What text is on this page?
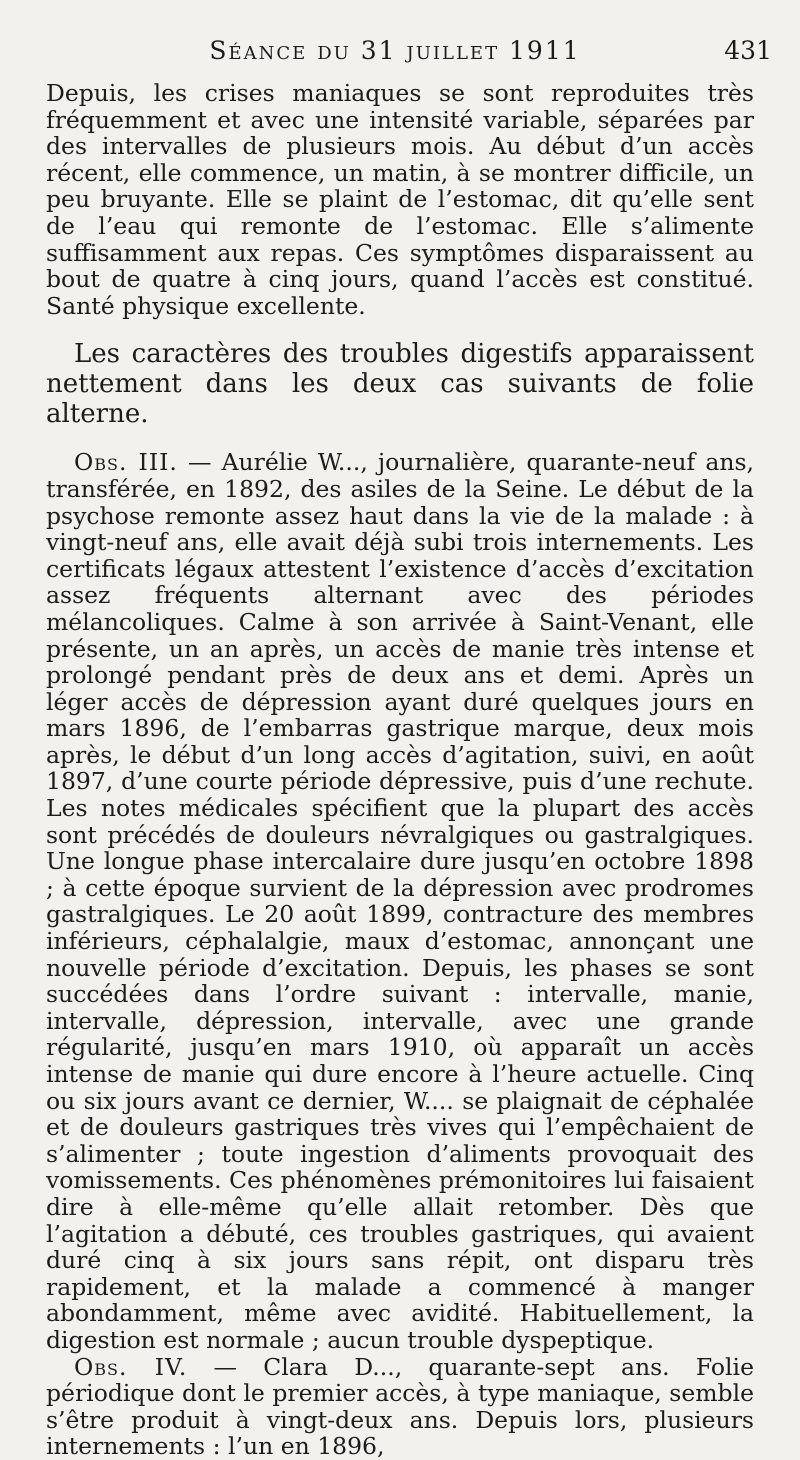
Séance du 31 juillet 1911	431

Depuis, les crises maniaques se sont reproduites très fréquemment et avec une intensité variable, séparées par des intervalles de plusieurs mois. Au début d’un accès récent, elle commence, un matin, à se montrer difficile, un peu bruyante. Elle se plaint de l’estomac, dit qu’elle sent de l’eau qui remonte de l’estomac. Elle s’alimente suffisamment aux repas. Ces symptômes disparaissent au bout de quatre à cinq jours, quand l’accès est constitué. Santé physique excellente.

Les caractères des troubles digestifs apparaissent nettement dans les deux cas suivants de folie alterne.

Obs. III. — Aurélie W..., journalière, quarante-neuf ans, transférée, en 1892, des asiles de la Seine. Le début de la psychose remonte assez haut dans la vie de la malade : à vingt-neuf ans, elle avait déjà subi trois internements. Les certificats légaux attestent l’existence d’accès d’excitation assez fréquents alternant avec des périodes mélancoliques. Calme à son arrivée à Saint-Venant, elle présente, un an après, un accès de manie très intense et prolongé pendant près de deux ans et demi. Après un léger accès de dépression ayant duré quelques jours en mars 1896, de l’embarras gastrique marque, deux mois après, le début d’un long accès d’agitation, suivi, en août 1897, d’une courte période dépressive, puis d’une rechute. Les notes médicales spécifient que la plupart des accès sont précédés de douleurs névralgiques ou gastralgiques. Une longue phase intercalaire dure jusqu’en octobre 1898 ; à cette époque survient de la dépression avec prodromes gastralgiques. Le 20 août 1899, contracture des membres inférieurs, céphalalgie, maux d’estomac, annonçant une nouvelle période d’excitation. Depuis, les phases se sont succédées dans l’ordre suivant : intervalle, manie, intervalle, dépression, intervalle, avec une grande régularité, jusqu’en mars 1910, où apparaît un accès intense de manie qui dure encore à l’heure actuelle. Cinq ou six jours avant ce dernier, W.... se plaignait de céphalée et de douleurs gastriques très vives qui l’empêchaient de s’alimenter ; toute ingestion d’aliments provoquait des vomissements. Ces phénomènes prémonitoires lui faisaient dire à elle-même qu’elle allait retomber. Dès que l’agitation a débuté, ces troubles gastriques, qui avaient duré cinq à six jours sans répit, ont disparu très rapidement, et la malade a commencé à manger abondamment, même avec avidité. Habituellement, la digestion est normale ; aucun trouble dyspeptique.

Obs. IV. — Clara D..., quarante-sept ans. Folie périodique dont le premier accès, à type maniaque, semble s’être produit à vingt-deux ans. Depuis lors, plusieurs internements : l’un en 1896,
